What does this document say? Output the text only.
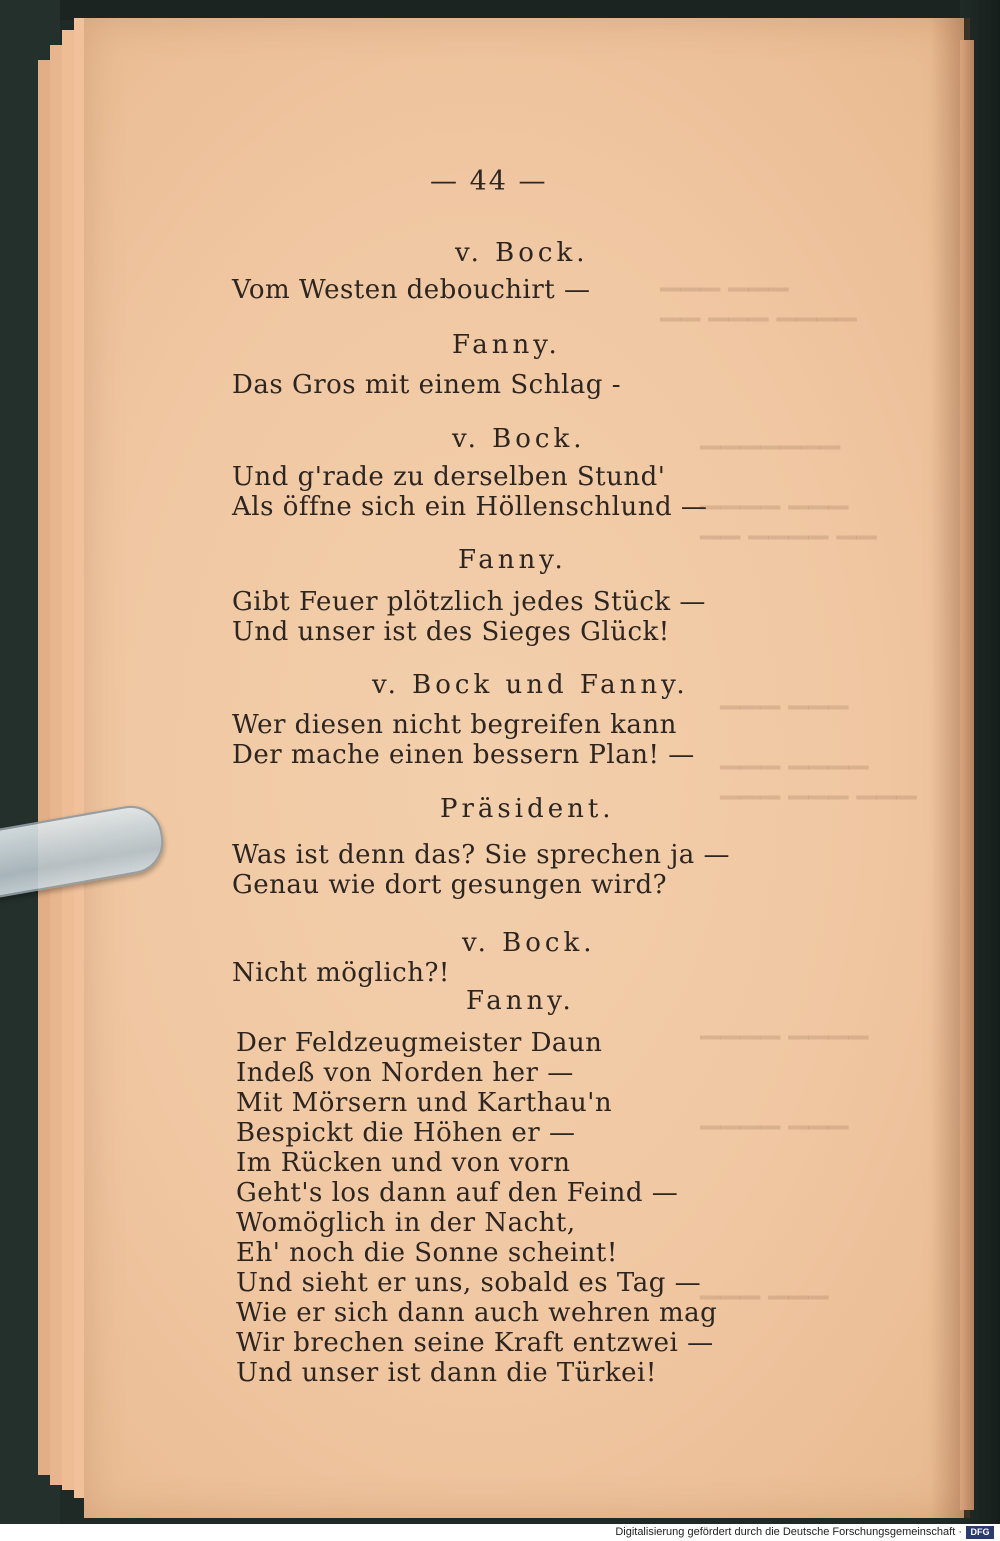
▁▁▁ ▁▁▁
▁▁▁▁ ▁▁▁ ▁▁
▁▁▁▁▁▁▁
▁▁▁ ▁▁▁▁
▁▁ ▁▁▁▁ ▁▁
▁▁▁ ▁▁▁
▁▁▁▁ ▁▁▁
▁▁▁ ▁▁▁ ▁▁▁
▁▁▁▁ ▁▁▁▁
▁▁▁ ▁▁▁▁
▁▁▁ ▁▁▁
— 44 —
v. Bock.
Vom Westen debouchirt —
Fanny.
Das Gros mit einem Schlag -
v. Bock.
Und g'rade zu derselben Stund'
Als öffne sich ein Höllenschlund —
Fanny.
Gibt Feuer plötzlich jedes Stück —
Und unser ist des Sieges Glück!
v. Bock und Fanny.
Wer diesen nicht begreifen kann
Der mache einen bessern Plan! —
Präsident.
Was ist denn das? Sie sprechen ja —
Genau wie dort gesungen wird?
v. Bock.
Nicht möglich?!
Fanny.
Der Feldzeugmeister Daun
Indeß von Norden her —
Mit Mörsern und Karthau'n
Bespickt die Höhen er —
Im Rücken und von vorn
Geht's los dann auf den Feind —
Womöglich in der Nacht,
Eh' noch die Sonne scheint!
Und sieht er uns, sobald es Tag —
Wie er sich dann auch wehren mag
Wir brechen seine Kraft entzwei —
Und unser ist dann die Türkei!
Digitalisierung gefördert durch die Deutsche Forschungsgemeinschaft · DFG
